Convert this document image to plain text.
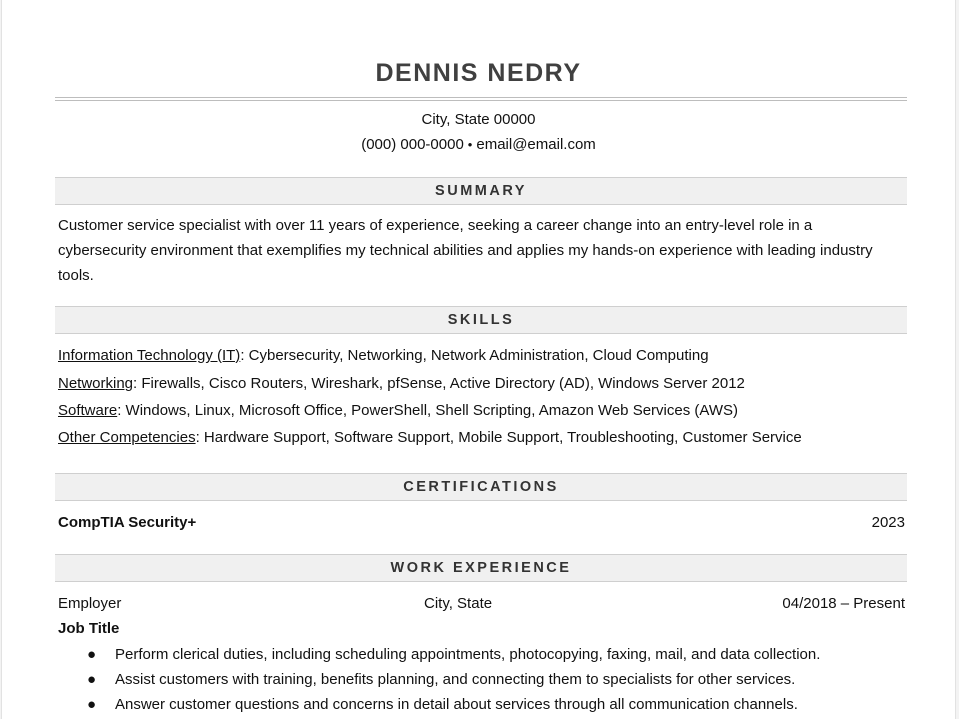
DENNIS NEDRY
City, State 00000
(000) 000-0000 • email@email.com
SUMMARY
Customer service specialist with over 11 years of experience, seeking a career change into an entry-level role in a cybersecurity environment that exemplifies my technical abilities and applies my hands-on experience with leading industry tools.
SKILLS
Information Technology (IT): Cybersecurity, Networking, Network Administration, Cloud Computing
Networking: Firewalls, Cisco Routers, Wireshark, pfSense, Active Directory (AD), Windows Server 2012
Software: Windows, Linux, Microsoft Office, PowerShell, Shell Scripting, Amazon Web Services (AWS)
Other Competencies: Hardware Support, Software Support, Mobile Support, Troubleshooting, Customer Service
CERTIFICATIONS
CompTIA Security+	2023
WORK EXPERIENCE
Employer	City, State	04/2018 – Present
Job Title
● Perform clerical duties, including scheduling appointments, photocopying, faxing, mail, and data collection.
● Assist customers with training, benefits planning, and connecting them to specialists for other services.
● Answer customer questions and concerns in detail about services through all communication channels.
